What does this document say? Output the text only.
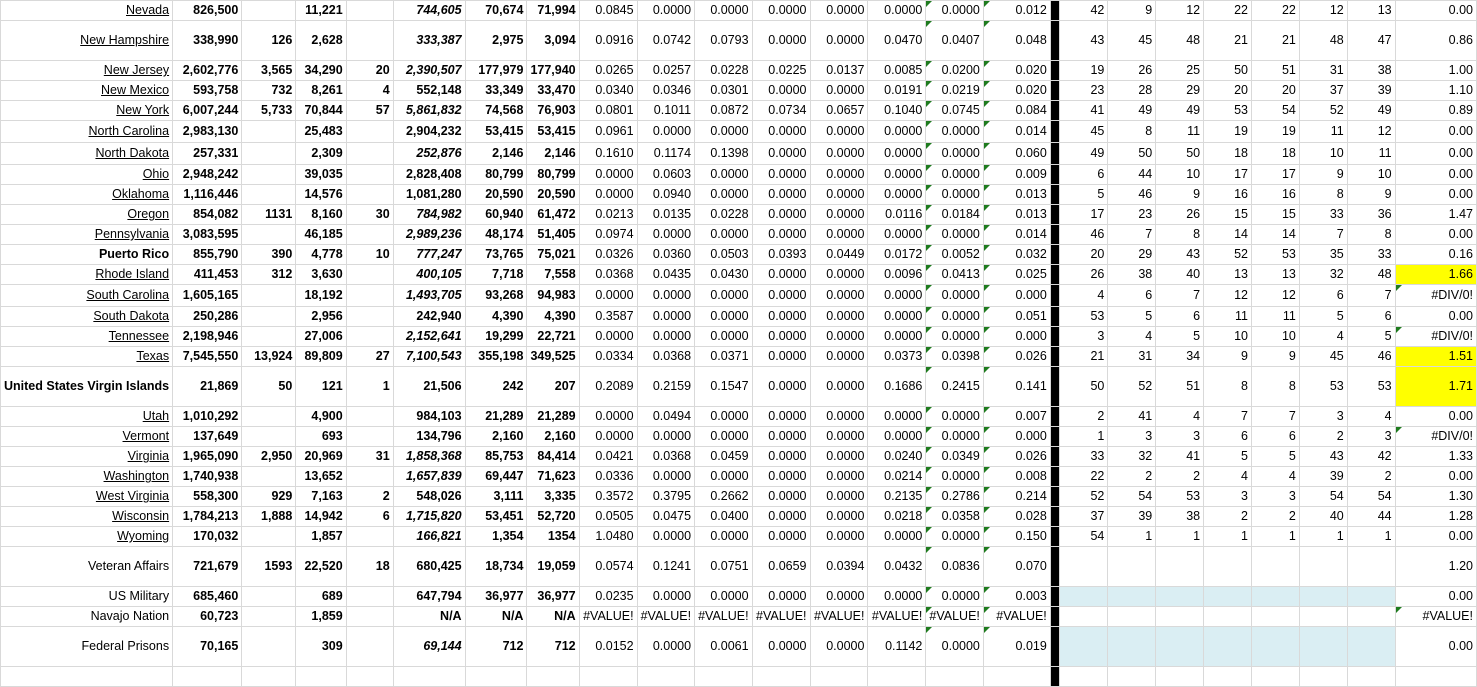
Nevada	826,500		11,221		744,605	70,674	71,994	0.0845	0.0000	0.0000	0.0000	0.0000	0.0000	0.0000	0.012		42	9	12	22	22	12	13	0.00
New Hampshire	338,990	126	2,628		333,387	2,975	3,094	0.0916	0.0742	0.0793	0.0000	0.0000	0.0470	0.0407	0.048		43	45	48	21	21	48	47	0.86
New Jersey	2,602,776	3,565	34,290	20	2,390,507	177,979	177,940	0.0265	0.0257	0.0228	0.0225	0.0137	0.0085	0.0200	0.020		19	26	25	50	51	31	38	1.00
New Mexico	593,758	732	8,261	4	552,148	33,349	33,470	0.0340	0.0346	0.0301	0.0000	0.0000	0.0191	0.0219	0.020		23	28	29	20	20	37	39	1.10
New York	6,007,244	5,733	70,844	57	5,861,832	74,568	76,903	0.0801	0.1011	0.0872	0.0734	0.0657	0.1040	0.0745	0.084		41	49	49	53	54	52	49	0.89
North Carolina	2,983,130		25,483		2,904,232	53,415	53,415	0.0961	0.0000	0.0000	0.0000	0.0000	0.0000	0.0000	0.014		45	8	11	19	19	11	12	0.00
North Dakota	257,331		2,309		252,876	2,146	2,146	0.1610	0.1174	0.1398	0.0000	0.0000	0.0000	0.0000	0.060		49	50	50	18	18	10	11	0.00
Ohio	2,948,242		39,035		2,828,408	80,799	80,799	0.0000	0.0603	0.0000	0.0000	0.0000	0.0000	0.0000	0.009		6	44	10	17	17	9	10	0.00
Oklahoma	1,116,446		14,576		1,081,280	20,590	20,590	0.0000	0.0940	0.0000	0.0000	0.0000	0.0000	0.0000	0.013		5	46	9	16	16	8	9	0.00
Oregon	854,082	1131	8,160	30	784,982	60,940	61,472	0.0213	0.0135	0.0228	0.0000	0.0000	0.0116	0.0184	0.013		17	23	26	15	15	33	36	1.47
Pennsylvania	3,083,595		46,185		2,989,236	48,174	51,405	0.0974	0.0000	0.0000	0.0000	0.0000	0.0000	0.0000	0.014		46	7	8	14	14	7	8	0.00
Puerto Rico	855,790	390	4,778	10	777,247	73,765	75,021	0.0326	0.0360	0.0503	0.0393	0.0449	0.0172	0.0052	0.032		20	29	43	52	53	35	33	0.16
Rhode Island	411,453	312	3,630		400,105	7,718	7,558	0.0368	0.0435	0.0430	0.0000	0.0000	0.0096	0.0413	0.025		26	38	40	13	13	32	48	1.66
South Carolina	1,605,165		18,192		1,493,705	93,268	94,983	0.0000	0.0000	0.0000	0.0000	0.0000	0.0000	0.0000	0.000		4	6	7	12	12	6	7	#DIV/0!
South Dakota	250,286		2,956		242,940	4,390	4,390	0.3587	0.0000	0.0000	0.0000	0.0000	0.0000	0.0000	0.051		53	5	6	11	11	5	6	0.00
Tennessee	2,198,946		27,006		2,152,641	19,299	22,721	0.0000	0.0000	0.0000	0.0000	0.0000	0.0000	0.0000	0.000		3	4	5	10	10	4	5	#DIV/0!
Texas	7,545,550	13,924	89,809	27	7,100,543	355,198	349,525	0.0334	0.0368	0.0371	0.0000	0.0000	0.0373	0.0398	0.026		21	31	34	9	9	45	46	1.51
United States Virgin Islands	21,869	50	121	1	21,506	242	207	0.2089	0.2159	0.1547	0.0000	0.0000	0.1686	0.2415	0.141		50	52	51	8	8	53	53	1.71
Utah	1,010,292		4,900		984,103	21,289	21,289	0.0000	0.0494	0.0000	0.0000	0.0000	0.0000	0.0000	0.007		2	41	4	7	7	3	4	0.00
Vermont	137,649		693		134,796	2,160	2,160	0.0000	0.0000	0.0000	0.0000	0.0000	0.0000	0.0000	0.000		1	3	3	6	6	2	3	#DIV/0!
Virginia	1,965,090	2,950	20,969	31	1,858,368	85,753	84,414	0.0421	0.0368	0.0459	0.0000	0.0000	0.0240	0.0349	0.026		33	32	41	5	5	43	42	1.33
Washington	1,740,938		13,652		1,657,839	69,447	71,623	0.0336	0.0000	0.0000	0.0000	0.0000	0.0214	0.0000	0.008		22	2	2	4	4	39	2	0.00
West Virginia	558,300	929	7,163	2	548,026	3,111	3,335	0.3572	0.3795	0.2662	0.0000	0.0000	0.2135	0.2786	0.214		52	54	53	3	3	54	54	1.30
Wisconsin	1,784,213	1,888	14,942	6	1,715,820	53,451	52,720	0.0505	0.0475	0.0400	0.0000	0.0000	0.0218	0.0358	0.028		37	39	38	2	2	40	44	1.28
Wyoming	170,032		1,857		166,821	1,354	1354	1.0480	0.0000	0.0000	0.0000	0.0000	0.0000	0.0000	0.150		54	1	1	1	1	1	1	0.00
Veteran Affairs	721,679	1593	22,520	18	680,425	18,734	19,059	0.0574	0.1241	0.0751	0.0659	0.0394	0.0432	0.0836	0.070									1.20
US Military	685,460		689		647,794	36,977	36,977	0.0235	0.0000	0.0000	0.0000	0.0000	0.0000	0.0000	0.003									0.00
Navajo Nation	60,723		1,859		N/A	N/A	N/A	#VALUE!	#VALUE!	#VALUE!	#VALUE!	#VALUE!	#VALUE!	#VALUE!	#VALUE!									#VALUE!
Federal Prisons	70,165		309		69,144	712	712	0.0152	0.0000	0.0061	0.0000	0.0000	0.1142	0.0000	0.019									0.00
